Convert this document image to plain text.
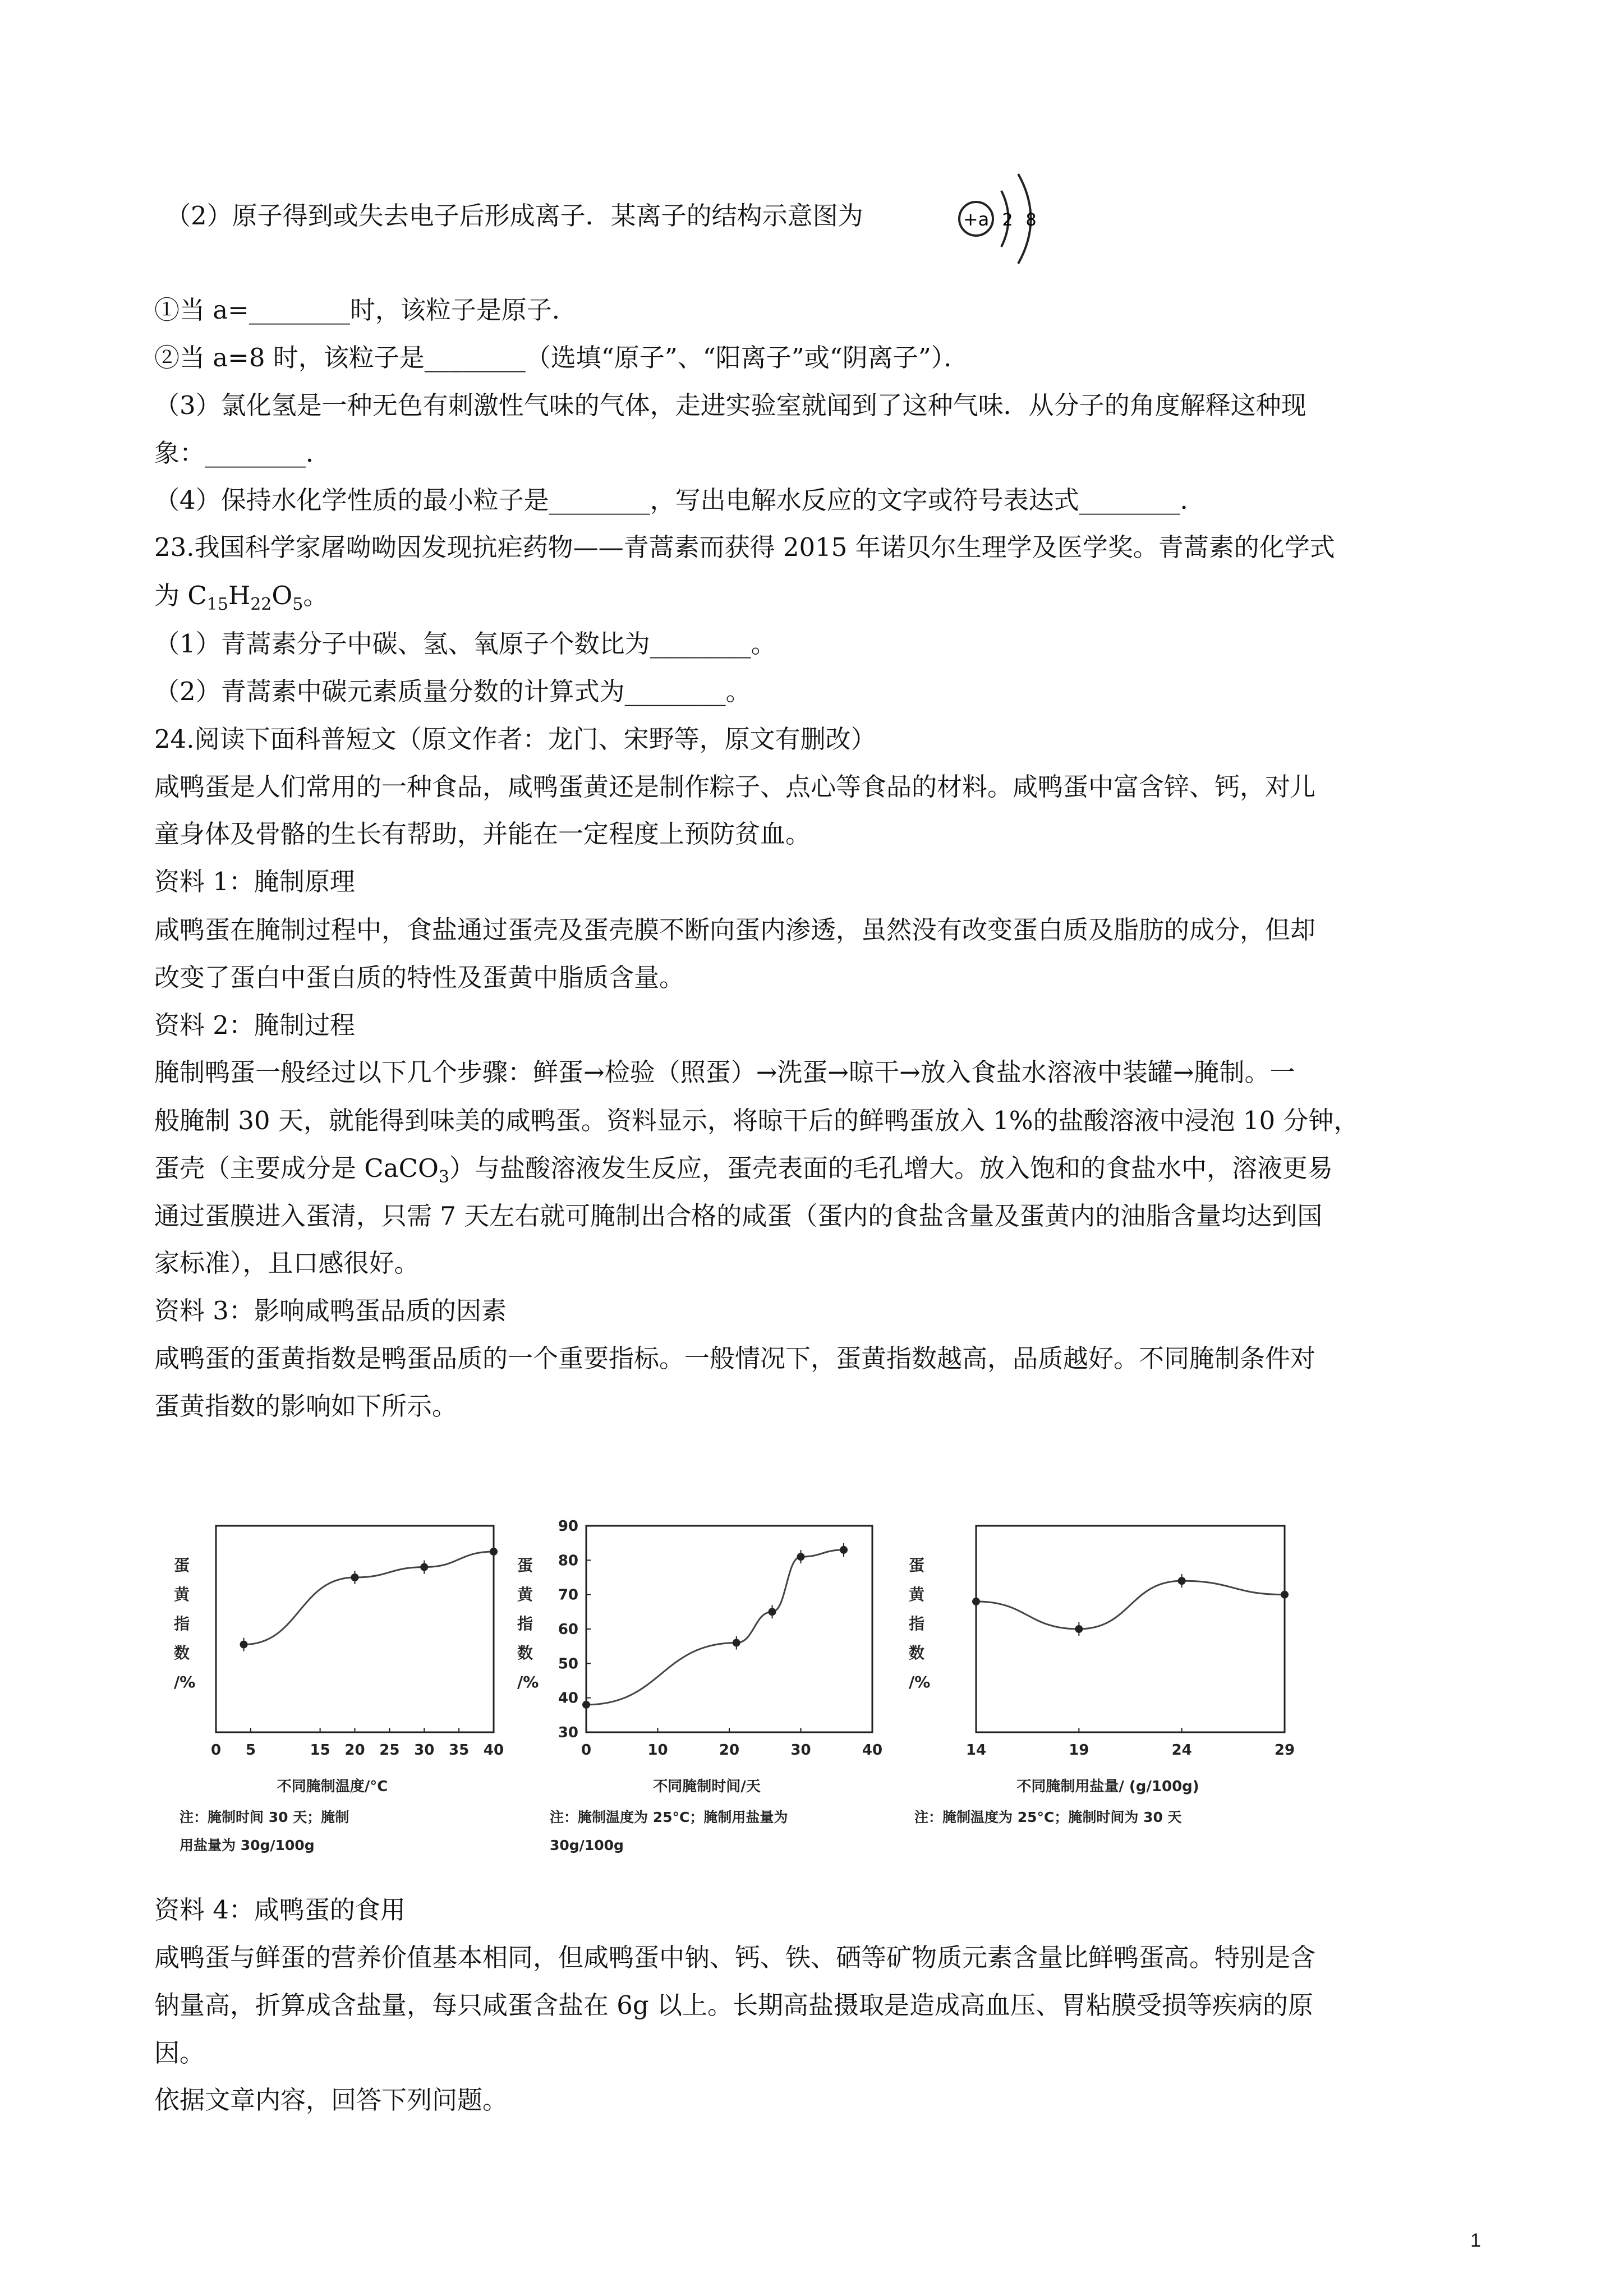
（2）原子得到或失去电子后形成离子．某离子的结构示意图为	+a 2 8
①当 a=________时，该粒子是原子．
②当 a=8 时，该粒子是________（选填“原子”、“阳离子”或“阴离子”）．
（3）氯化氢是一种无色有刺激性气味的气体，走进实验室就闻到了这种气味．从分子的角度解释这种现
象：________．
（4）保持水化学性质的最小粒子是________，写出电解水反应的文字或符号表达式________．
23.我国科学家屠呦呦因发现抗疟药物——青蒿素而获得 2015 年诺贝尔生理学及医学奖。青蒿素的化学式
为 $C_{15}H_{22}O_5$。
（1）青蒿素分子中碳、氢、氧原子个数比为________。
（2）青蒿素中碳元素质量分数的计算式为________。
24.阅读下面科普短文（原文作者：龙门、宋野等，原文有删改）
咸鸭蛋是人们常用的一种食品，咸鸭蛋黄还是制作粽子、点心等食品的材料。咸鸭蛋中富含锌、钙，对儿
童身体及骨骼的生长有帮助，并能在一定程度上预防贫血。
资料 1：腌制原理
咸鸭蛋在腌制过程中，食盐通过蛋壳及蛋壳膜不断向蛋内渗透，虽然没有改变蛋白质及脂肪的成分，但却
改变了蛋白中蛋白质的特性及蛋黄中脂质含量。
资料 2：腌制过程
腌制鸭蛋一般经过以下几个步骤：鲜蛋→检验（照蛋）→洗蛋→晾干→放入食盐水溶液中装罐→腌制。一
般腌制 30 天，就能得到味美的咸鸭蛋。资料显示，将晾干后的鲜鸭蛋放入 1%的盐酸溶液中浸泡 10 分钟，
蛋壳（主要成分是 CaCO$_3$）与盐酸溶液发生反应，蛋壳表面的毛孔增大。放入饱和的食盐水中，溶液更易
通过蛋膜进入蛋清，只需 7 天左右就可腌制出合格的咸蛋（蛋内的食盐含量及蛋黄内的油脂含量均达到国
家标准），且口感很好。
资料 3：影响咸鸭蛋品质的因素
咸鸭蛋的蛋黄指数是鸭蛋品质的一个重要指标。一般情况下，蛋黄指数越高，品质越好。不同腌制条件对
蛋黄指数的影响如下所示。
0 5	15 20 25 30 35 40
蛋
黄
指
数
/%
不同腌制温度/°C
注：腌制时间 30 天；腌制
用盐量为 30g/100g
0	10	20	30	40
30
40
50
60
70
80
90
蛋
黄
指
数
/%
不同腌制时间/天
注：腌制温度为 25°C；腌制用盐量为
30g/100g
14	19	24	29
蛋
黄
指
数
/%
不同腌制用盐量/ (g/100g)
注：腌制温度为 25°C；腌制时间为 30 天
资料 4：咸鸭蛋的食用
咸鸭蛋与鲜蛋的营养价值基本相同，但咸鸭蛋中钠、钙、铁、硒等矿物质元素含量比鲜鸭蛋高。特别是含
钠量高，折算成含盐量，每只咸蛋含盐在 6g 以上。长期高盐摄取是造成高血压、胃粘膜受损等疾病的原
因。
依据文章内容，回答下列问题。
1
